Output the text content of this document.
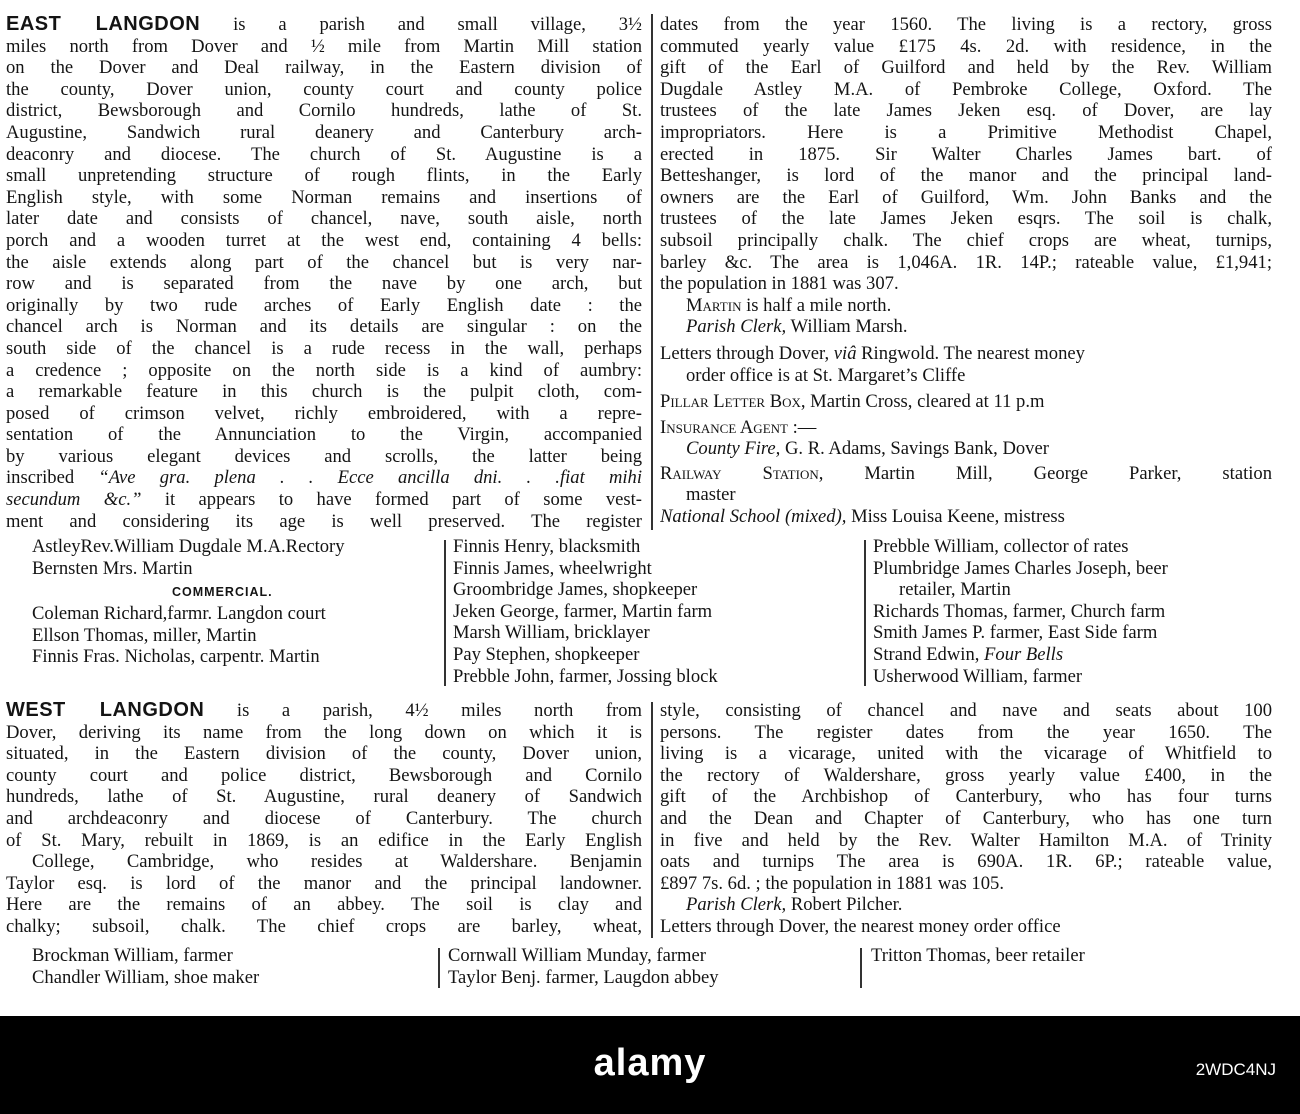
EAST LANGDON is a parish and small village, 3½
miles north from Dover and ½ mile from Martin Mill station
on the Dover and Deal railway, in the Eastern division of
the county, Dover union, county court and county police
district, Bewsborough and Cornilo hundreds, lathe of St.
Augustine, Sandwich rural deanery and Canterbury arch-
deaconry and diocese. The church of St. Augustine is a
small unpretending structure of rough flints, in the Early
English style, with some Norman remains and insertions of
later date and consists of chancel, nave, south aisle, north
porch and a wooden turret at the west end, containing 4 bells:
the aisle extends along part of the chancel but is very nar-
row and is separated from the nave by one arch, but
originally by two rude arches of Early English date : the
chancel arch is Norman and its details are singular : on the
south side of the chancel is a rude recess in the wall, perhaps
a credence ; opposite on the north side is a kind of aumbry:
a remarkable feature in this church is the pulpit cloth, com-
posed of crimson velvet, richly embroidered, with a repre-
sentation of the Annunciation to the Virgin, accompanied
by various elegant devices and scrolls, the latter being
inscribed “Ave gra. plena . . Ecce ancilla dni. . .fiat mihi
secundum &c.” it appears to have formed part of some vest-
ment and considering its age is well preserved. The register
dates from the year 1560. The living is a rectory, gross
commuted yearly value £175 4s. 2d. with residence, in the
gift of the Earl of Guilford and held by the Rev. William
Dugdale Astley M.A. of Pembroke College, Oxford. The
trustees of the late James Jeken esq. of Dover, are lay
impropriators. Here is a Primitive Methodist Chapel,
erected in 1875. Sir Walter Charles James bart. of
Betteshanger, is lord of the manor and the principal land-
owners are the Earl of Guilford, Wm. John Banks and the
trustees of the late James Jeken esqrs. The soil is chalk,
subsoil principally chalk. The chief crops are wheat, turnips,
barley &c. The area is 1,046A. 1R. 14P.; rateable value, £1,941;
the population in 1881 was 307.
Martin is half a mile north.
Parish Clerk, William Marsh.
Letters through Dover, viâ Ringwold. The nearest money
order office is at St. Margaret’s Cliffe
Pillar Letter Box, Martin Cross, cleared at 11 p.m
Insurance Agent :—
County Fire, G. R. Adams, Savings Bank, Dover
Railway Station, Martin Mill, George Parker, station
master
National School (mixed), Miss Louisa Keene, mistress
AstleyRev.William Dugdale M.A.Rectory
Bernsten Mrs. Martin
COMMERCIAL.
Coleman Richard,farmr. Langdon court
Ellson Thomas, miller, Martin
Finnis Fras. Nicholas, carpentr. Martin
Finnis Henry, blacksmith
Finnis James, wheelwright
Groombridge James, shopkeeper
Jeken George, farmer, Martin farm
Marsh William, bricklayer
Pay Stephen, shopkeeper
Prebble John, farmer, Jossing block
Prebble William, collector of rates
Plumbridge James Charles Joseph, beer
retailer, Martin
Richards Thomas, farmer, Church farm
Smith James P. farmer, East Side farm
Strand Edwin, Four Bells
Usherwood William, farmer
WEST LANGDON is a parish, 4½ miles north from
Dover, deriving its name from the long down on which it is
situated, in the Eastern division of the county, Dover union,
county court and police district, Bewsborough and Cornilo
hundreds, lathe of St. Augustine, rural deanery of Sandwich
and archdeaconry and diocese of Canterbury. The church
of St. Mary, rebuilt in 1869, is an edifice in the Early English
College, Cambridge, who resides at Waldershare. Benjamin
Taylor esq. is lord of the manor and the principal landowner.
Here are the remains of an abbey. The soil is clay and
chalky; subsoil, chalk. The chief crops are barley, wheat,
style, consisting of chancel and nave and seats about 100
persons. The register dates from the year 1650. The
living is a vicarage, united with the vicarage of Whitfield to
the rectory of Waldershare, gross yearly value £400, in the
gift of the Archbishop of Canterbury, who has four turns
and the Dean and Chapter of Canterbury, who has one turn
in five and held by the Rev. Walter Hamilton M.A. of Trinity
oats and turnips The area is 690A. 1R. 6P.; rateable value,
£897 7s. 6d. ; the population in 1881 was 105.
Parish Clerk, Robert Pilcher.
Letters through Dover, the nearest money order office
Brockman William, farmer
Chandler William, shoe maker
Cornwall William Munday, farmer
Taylor Benj. farmer, Laugdon abbey
Tritton Thomas, beer retailer
alamy	2WDC4NJ
